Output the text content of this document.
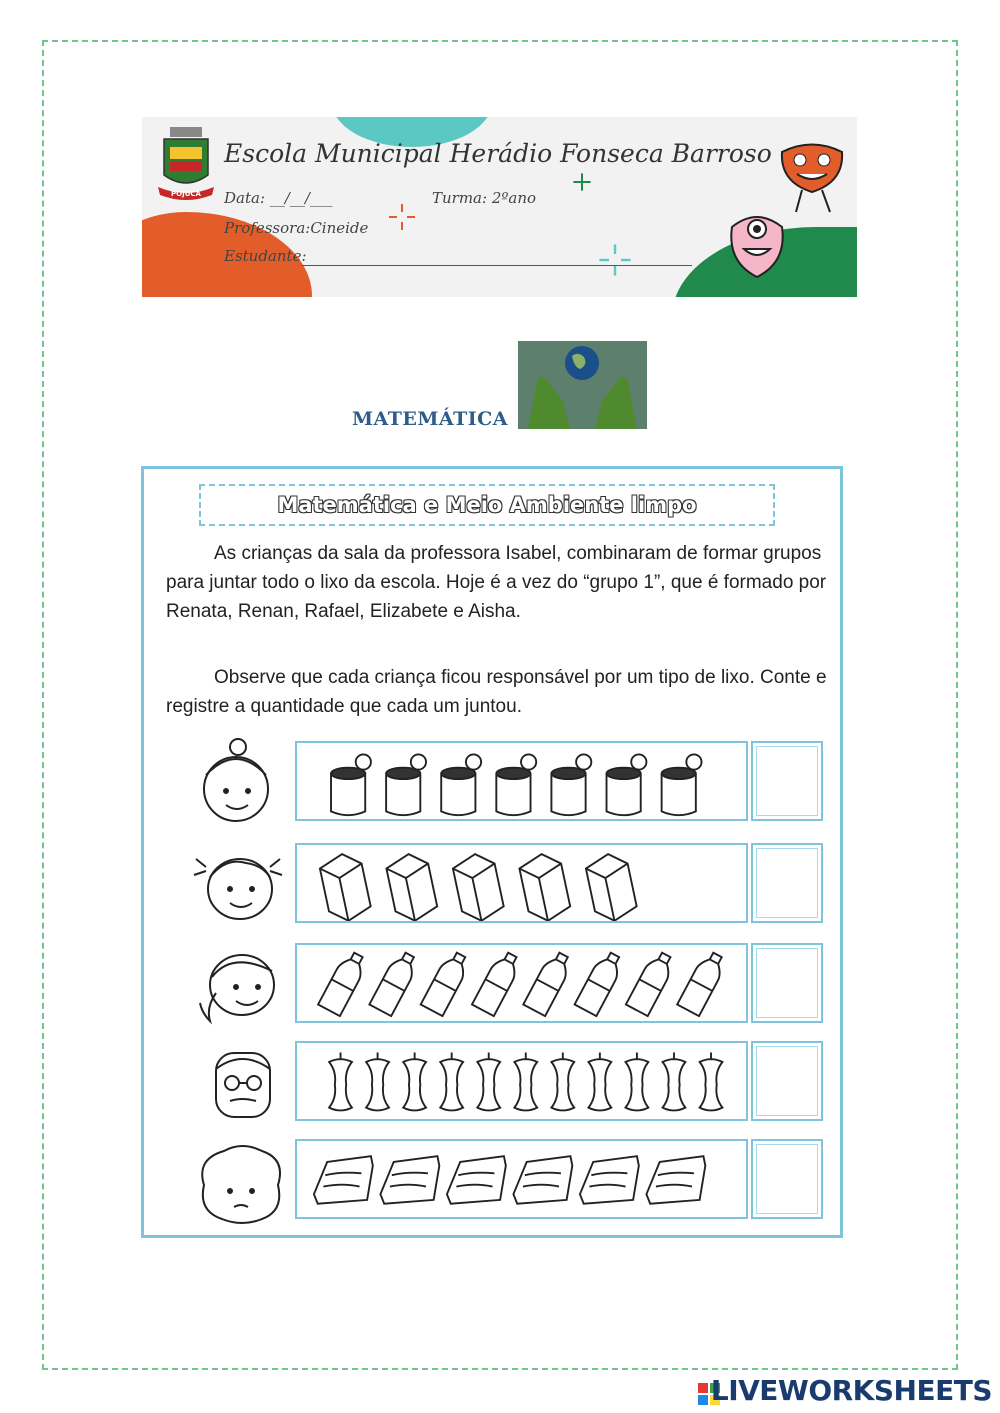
POJUCA
Escola Municipal Herádio Fonseca Barroso
Data: __/__/___	Turma: 2ºano
Professora:Cineide
Estudante:
MATEMÁTICA
Matemática e Meio Ambiente limpo

As crianças da sala da professora Isabel, combinaram de formar grupos para juntar todo o lixo da escola. Hoje é a vez do “grupo 1”, que é formado por Renata, Renan, Rafael, Elizabete e Aisha.

Observe que cada criança ficou responsável por um tipo de lixo. Conte e registre a quantidade que cada um juntou.

LIVEWORKSHEETS
